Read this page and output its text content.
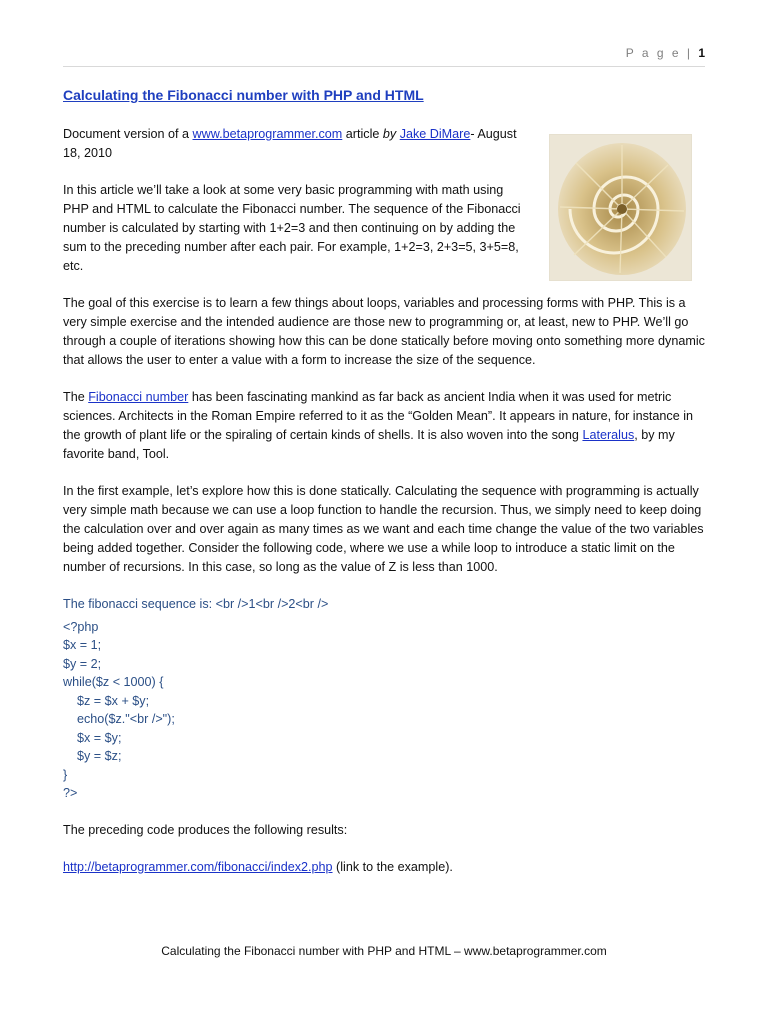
P a g e | 1
Calculating the Fibonacci number with PHP and HTML

Document version of a www.betaprogrammer.com article by Jake DiMare- August 18, 2010

In this article we’ll take a look at some very basic programming with math using PHP and HTML to calculate the Fibonacci number. The sequence of the Fibonacci number is calculated by starting with 1+2=3 and then continuing on by adding the sum to the preceding number after each pair. For example, 1+2=3, 2+3=5, 3+5=8, etc.

The goal of this exercise is to learn a few things about loops, variables and processing forms with PHP. This is a very simple exercise and the intended audience are those new to programming or, at least, new to PHP. We’ll go through a couple of iterations showing how this can be done statically before moving onto something more dynamic that allows the user to enter a value with a form to increase the size of the sequence.

The Fibonacci number has been fascinating mankind as far back as ancient India when it was used for metric sciences. Architects in the Roman Empire referred to it as the “Golden Mean”. It appears in nature, for instance in the growth of plant life or the spiraling of certain kinds of shells. It is also woven into the song Lateralus, by my favorite band, Tool.

In the first example, let’s explore how this is done statically. Calculating the sequence with programming is actually very simple math because we can use a loop function to handle the recursion. Thus, we simply need to keep doing the calculation over and over again as many times as we want and each time change the value of the two variables being added together. Consider the following code, where we use a while loop to introduce a static limit on the number of recursions. In this case, so long as the value of Z is less than 1000.

The fibonacci sequence is: <br />1<br />2<br />
<?php
$x = 1;
$y = 2;
while($z < 1000) {
$z = $x + $y;
echo($z."<br />");
$x = $y;
$y = $z;
}
?>

The preceding code produces the following results:

http://betaprogrammer.com/fibonacci/index2.php (link to the example).

Calculating the Fibonacci number with PHP and HTML – www.betaprogrammer.com
